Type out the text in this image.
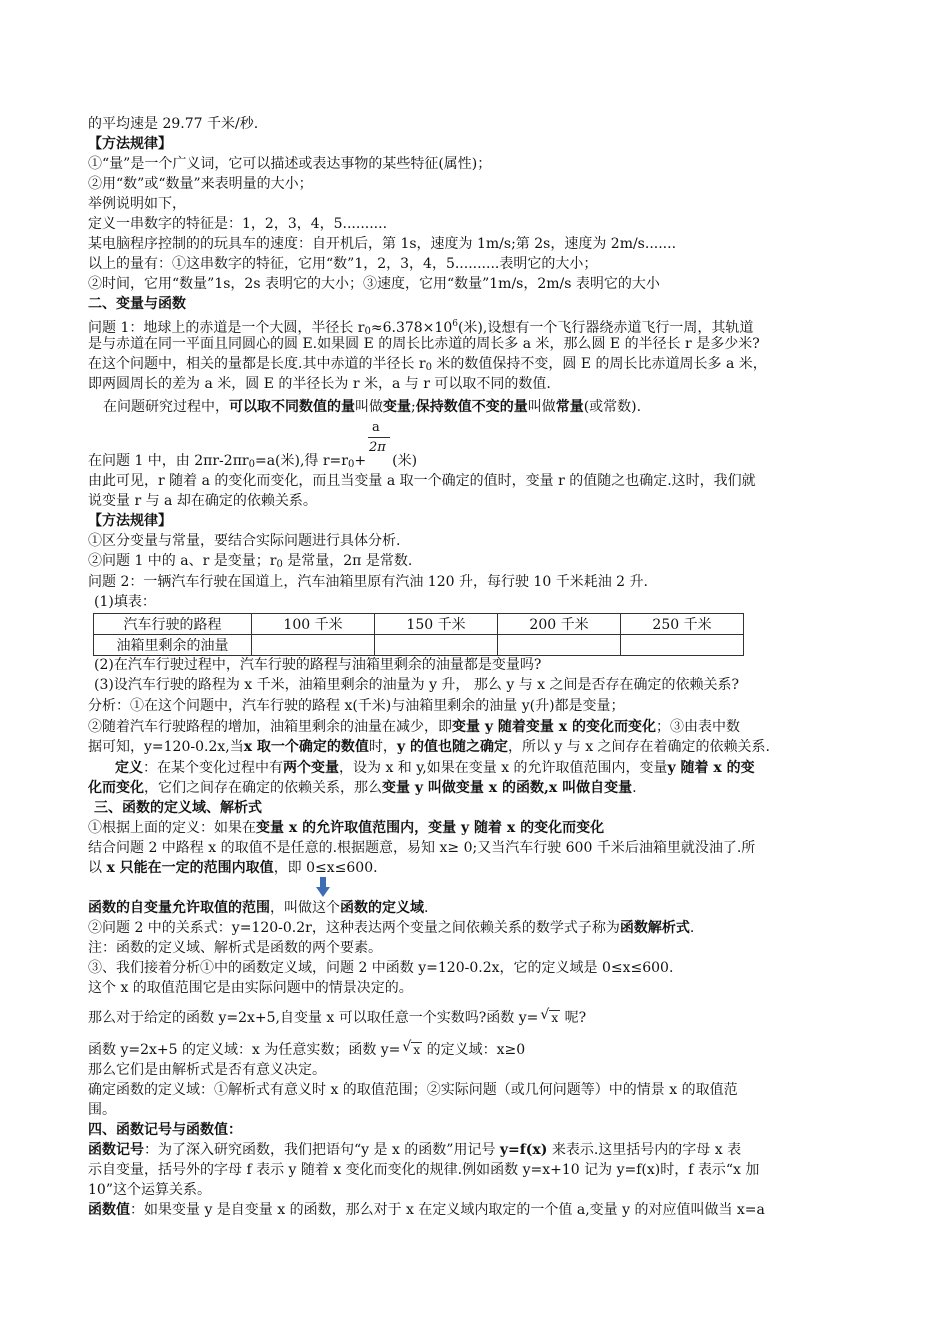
的平均速是 29.77 千米/秒.
【方法规律】
①“量”是一个广义词，它可以描述或表达事物的某些特征(属性)；
②用“数”或“数量”来表明量的大小；
举例说明如下，
定义一串数字的特征是：1，2，3，4，5..........
某电脑程序控制的的玩具车的速度：自开机后，第 1s，速度为 1m/s;第 2s，速度为 2m/s.......
以上的量有：①这串数字的特征，它用“数”1，2，3，4，5..........表明它的大小；
②时间，它用“数量”1s，2s 表明它的大小；③速度，它用“数量”1m/s，2m/s 表明它的大小
二、变量与函数
问题 1：地球上的赤道是一个大圆，半径长 $r_0\approx 6.378\times 10^6$(米),设想有一个飞行器绕赤道飞行一周，其轨道
是与赤道在同一平面且同圆心的圆 E.如果圆 E 的周长比赤道的周长多 a 米，那么圆 E 的半径长 r 是多少米?
在这个问题中，相关的量都是长度.其中赤道的半径长 $r_0$ 米的数值保持不变，圆 E 的周长比赤道周长多 a 米，
即两圆周长的差为 a 米，圆 E 的半径长为 r 米，a 与 r 可以取不同的数值.
在问题研究过程中，可以取不同数值的量叫做变量;保持数值不变的量叫做常量(或常数).
a
2π
在问题 1 中，由 $2\pi r-2\pi r_0=a$(米),得 $r=r_0+$ (米)
由此可见，r 随着 a 的变化而变化，而且当变量 a 取一个确定的值时，变量 r 的值随之也确定.这时，我们就
说变量 r 与 a 却在确定的依赖关系。
【方法规律】
①区分变量与常量，要结合实际问题进行具体分析.
②问题 1 中的 a、r 是变量；$r_0$ 是常量，2π 是常数.
问题 2：一辆汽车行驶在国道上，汽车油箱里原有汽油 120 升，每行驶 10 千米耗油 2 升.
(1)填表：
汽车行驶的路程	100 千米	150 千米	200 千米	250 千米
油箱里剩余的油量				
(2)在汽车行驶过程中，汽车行驶的路程与油箱里剩余的油量都是变量吗?
(3)设汽车行驶的路程为 x 千米，油箱里剩余的油量为 y 升， 那么 y 与 x 之间是否存在确定的依赖关系?
分析：①在这个问题中，汽车行驶的路程 x(千米)与油箱里剩余的油量 y(升)都是变量；
②随着汽车行驶路程的增加，油箱里剩余的油量在减少，即变量 y 随着变量 x 的变化而变化；③由表中数
据可知，y=120-0.2x,当x 取一个确定的数值时，y 的值也随之确定，所以 y 与 x 之间存在着确定的依赖关系.
定义：在某个变化过程中有两个变量，设为 x 和 y,如果在变量 x 的允许取值范围内，变量y 随着 x 的变
化而变化，它们之间存在确定的依赖关系，那么变量 y 叫做变量 x 的函数,x 叫做自变量.
三、函数的定义域、解析式
①根据上面的定义：如果在变量 x 的允许取值范围内，变量 y 随着 x 的变化而变化
结合问题 2 中路程 x 的取值不是任意的.根据题意，易知 x≥ 0;又当汽车行驶 600 千米后油箱里就没油了.所
以 x 只能在一定的范围内取值，即 0≤x≤600.
函数的自变量允许取值的范围，叫做这个函数的定义域.
②问题 2 中的关系式：y=120-0.2r，这种表达两个变量之间依赖关系的数学式子称为函数解析式.
注：函数的定义域、解析式是函数的两个要素。
③、我们接着分析①中的函数定义域，问题 2 中函数 y=120-0.2x，它的定义域是 0≤x≤600.
这个 x 的取值范围它是由实际问题中的情景决定的。
那么对于给定的函数 y=2x+5,自变量 x 可以取任意一个实数吗?函数 y= √ x 呢?
函数 y=2x+5 的定义域：x 为任意实数；函数 y= √ x 的定义域：x≥0
那么它们是由解析式是否有意义决定。
确定函数的定义域：①解析式有意义时 x 的取值范围；②实际问题（或几何问题等）中的情景 x 的取值范
围。
四、函数记号与函数值：
函数记号：为了深入研究函数，我们把语句“y 是 x 的函数”用记号 y=f(x) 来表示.这里括号内的字母 x 表
示自变量，括号外的字母 f 表示 y 随着 x 变化而变化的规律.例如函数 y=x+10 记为 y=f(x)时，f 表示“x 加
10”这个运算关系。
函数值：如果变量 y 是自变量 x 的函数，那么对于 x 在定义域内取定的一个值 a,变量 y 的对应值叫做当 x=a
